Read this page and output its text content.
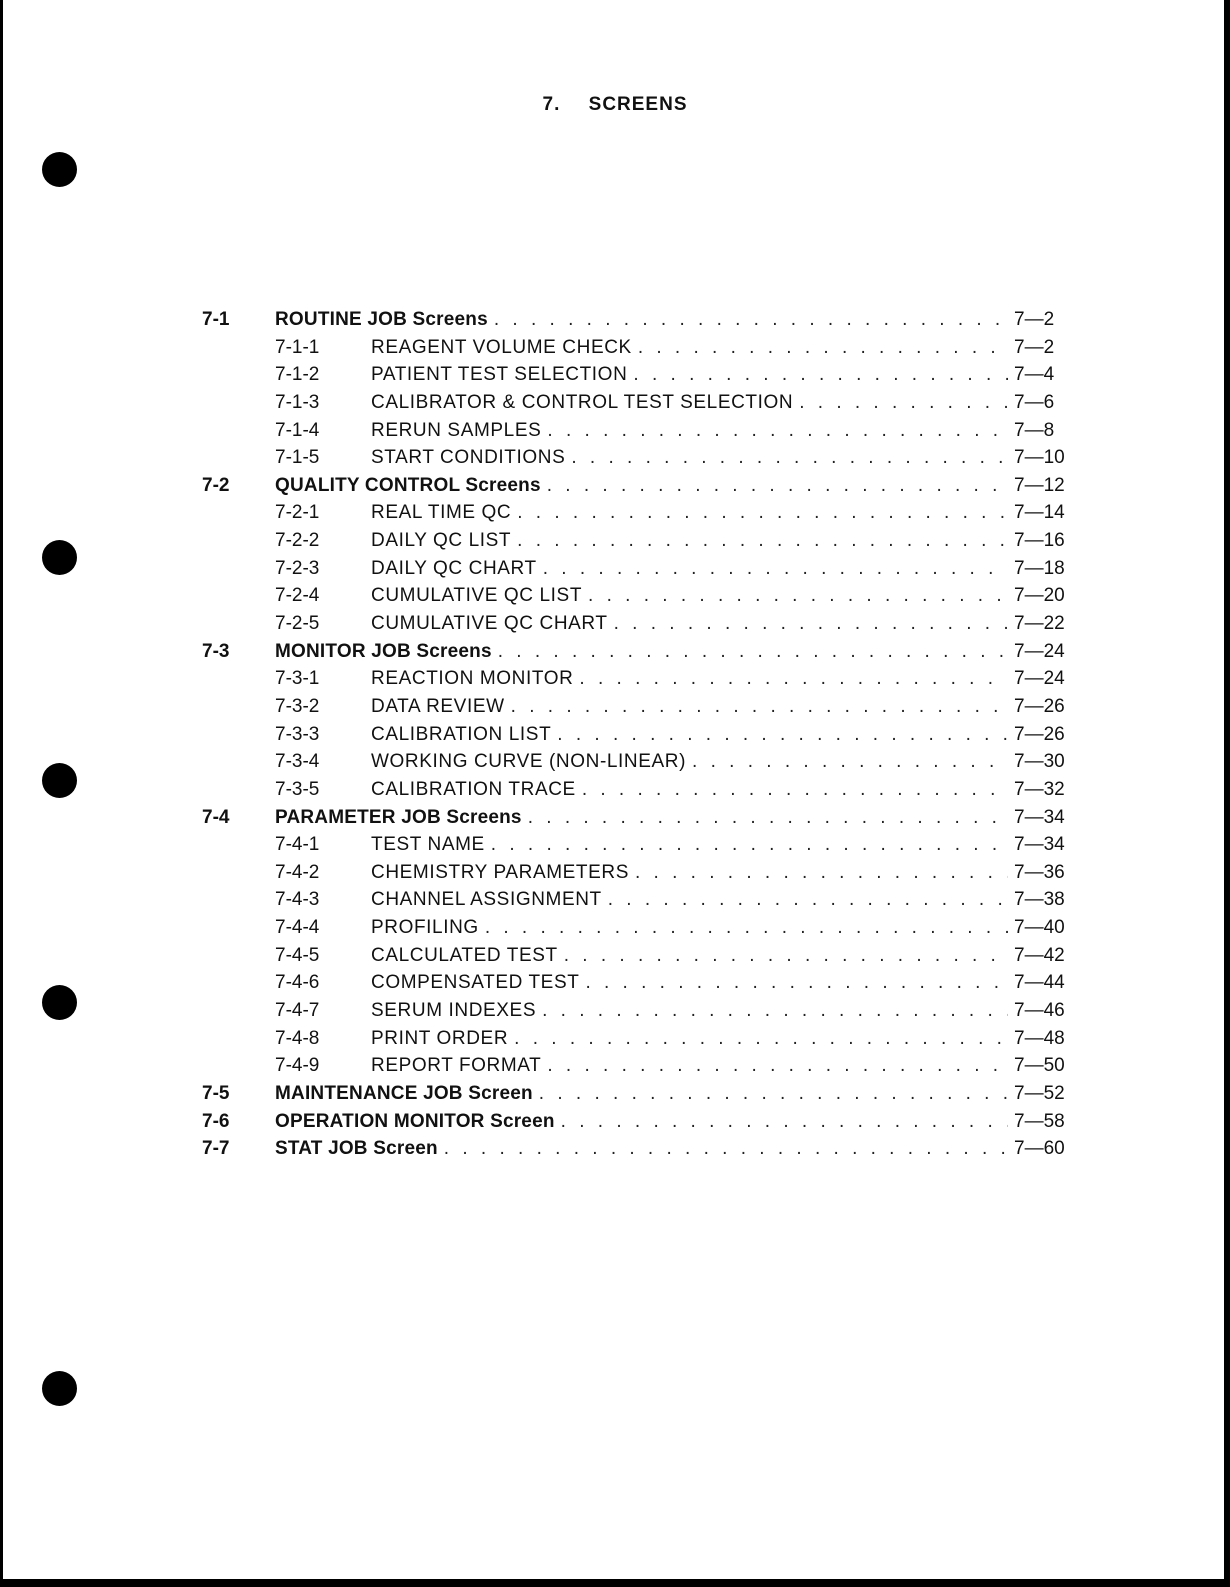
7. SCREENS
7-1 ROUTINE JOB Screens . . .	7—2
7-1-1	REAGENT VOLUME CHECK . . .	7—2
7-1-2	PATIENT TEST SELECTION . . .	7—4
7-1-3	CALIBRATOR & CONTROL TEST SELECTION . . .	7—6
7-1-4	RERUN SAMPLES . . .	7—8
7-1-5	START CONDITIONS . . .	7—10
7-2 QUALITY CONTROL Screens . . .	7—12
7-2-1	REAL TIME QC . . .	7—14
7-2-2	DAILY QC LIST . . .	7—16
7-2-3	DAILY QC CHART . . .	7—18
7-2-4	CUMULATIVE QC LIST . . .	7—20
7-2-5	CUMULATIVE QC CHART . . .	7—22
7-3 MONITOR JOB Screens . . .	7—24
7-3-1	REACTION MONITOR . . .	7—24
7-3-2	DATA REVIEW . . .	7—26
7-3-3	CALIBRATION LIST . . .	7—26
7-3-4	WORKING CURVE (NON-LINEAR) . . .	7—30
7-3-5	CALIBRATION TRACE . . .	7—32
7-4 PARAMETER JOB Screens . . .	7—34
7-4-1	TEST NAME . . .	7—34
7-4-2	CHEMISTRY PARAMETERS . . .	7—36
7-4-3	CHANNEL ASSIGNMENT . . .	7—38
7-4-4	PROFILING . . .	7—40
7-4-5	CALCULATED TEST . . .	7—42
7-4-6	COMPENSATED TEST . . .	7—44
7-4-7	SERUM INDEXES . . .	7—46
7-4-8	PRINT ORDER . . .	7—48
7-4-9	REPORT FORMAT . . .	7—50
7-5 MAINTENANCE JOB Screen . . .	7—52
7-6 OPERATION MONITOR Screen . . .	7—58
7-7 STAT JOB Screen . . .	7—60
